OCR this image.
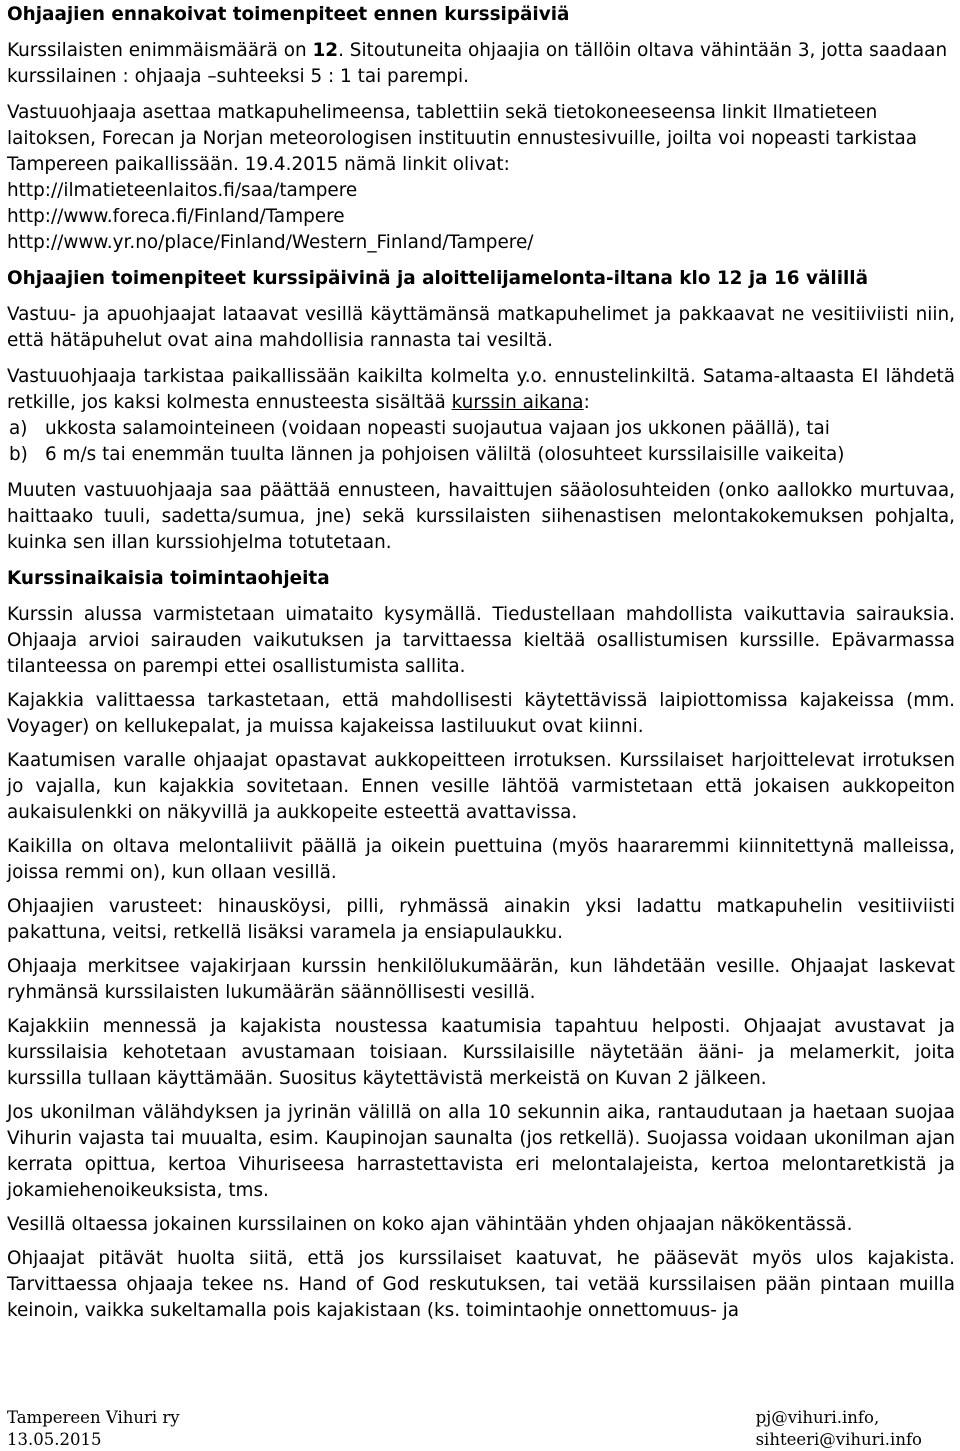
Ohjaajien ennakoivat toimenpiteet ennen kurssipäiviä

Kurssilaisten enimmäismäärä on 12. Sitoutuneita ohjaajia on tällöin oltava vähintään 3, jotta saadaan kurssilainen : ohjaaja –suhteeksi 5 : 1 tai parempi.

Vastuuohjaaja asettaa matkapuhelimeensa, tablettiin sekä tietokoneeseensa linkit Ilmatieteen laitoksen, Forecan ja Norjan meteorologisen instituutin ennustesivuille, joilta voi nopeasti tarkistaa Tampereen paikallissään. 19.4.2015 nämä linkit olivat:

http://ilmatieteenlaitos.fi/saa/tampere
http://www.foreca.fi/Finland/Tampere
http://www.yr.no/place/Finland/Western_Finland/Tampere/
Ohjaajien toimenpiteet kurssipäivinä ja aloittelijamelonta-iltana klo 12 ja 16 välillä

Vastuu- ja apuohjaajat lataavat vesillä käyttämänsä matkapuhelimet ja pakkaavat ne vesitiiviisti niin, että hätäpuhelut ovat aina mahdollisia rannasta tai vesiltä.

Vastuuohjaaja tarkistaa paikallissään kaikilta kolmelta y.o. ennustelinkiltä. Satama-altaasta EI lähdetä retkille, jos kaksi kolmesta ennusteesta sisältää kurssin aikana:

a) ukkosta salamointeineen (voidaan nopeasti suojautua vajaan jos ukkonen päällä), tai
b) 6 m/s tai enemmän tuulta lännen ja pohjoisen väliltä (olosuhteet kurssilaisille vaikeita)

Muuten vastuuohjaaja saa päättää ennusteen, havaittujen sääolosuhteiden (onko aallokko murtuvaa, haittaako tuuli, sadetta/sumua, jne) sekä kurssilaisten siihenastisen melontakokemuksen pohjalta, kuinka sen illan kurssiohjelma totutetaan.

Kurssinaikaisia toimintaohjeita

Kurssin alussa varmistetaan uimataito kysymällä. Tiedustellaan mahdollista vaikuttavia sairauksia. Ohjaaja arvioi sairauden vaikutuksen ja tarvittaessa kieltää osallistumisen kurssille. Epävarmassa tilanteessa on parempi ettei osallistumista sallita.

Kajakkia valittaessa tarkastetaan, että mahdollisesti käytettävissä laipiottomissa kajakeissa (mm. Voyager) on kellukepalat, ja muissa kajakeissa lastiluukut ovat kiinni.

Kaatumisen varalle ohjaajat opastavat aukkopeitteen irrotuksen. Kurssilaiset harjoittelevat irrotuksen jo vajalla, kun kajakkia sovitetaan. Ennen vesille lähtöä varmistetaan että jokaisen aukkopeiton aukaisulenkki on näkyvillä ja aukkopeite esteettä avattavissa.

Kaikilla on oltava melontaliivit päällä ja oikein puettuina (myös haararemmi kiinnitettynä malleissa, joissa remmi on), kun ollaan vesillä.

Ohjaajien varusteet: hinausköysi, pilli, ryhmässä ainakin yksi ladattu matkapuhelin vesitiiviisti pakattuna, veitsi, retkellä lisäksi varamela ja ensiapulaukku.

Ohjaaja merkitsee vajakirjaan kurssin henkilölukumäärän, kun lähdetään vesille. Ohjaajat laskevat ryhmänsä kurssilaisten lukumäärän säännöllisesti vesillä.

Kajakkiin mennessä ja kajakista noustessa kaatumisia tapahtuu helposti. Ohjaajat avustavat ja kurssilaisia kehotetaan avustamaan toisiaan. Kurssilaisille näytetään ääni- ja melamerkit, joita kurssilla tullaan käyttämään. Suositus käytettävistä merkeistä on Kuvan 2 jälkeen.

Jos ukonilman välähdyksen ja jyrinän välillä on alla 10 sekunnin aika, rantaudutaan ja haetaan suojaa Vihurin vajasta tai muualta, esim. Kaupinojan saunalta (jos retkellä). Suojassa voidaan ukonilman ajan kerrata opittua, kertoa Vihuriseesa harrastettavista eri melontalajeista, kertoa melontaretkistä ja jokamiehenoikeuksista, tms.

Vesillä oltaessa jokainen kurssilainen on koko ajan vähintään yhden ohjaajan näkökentässä.

Ohjaajat pitävät huolta siitä, että jos kurssilaiset kaatuvat, he pääsevät myös ulos kajakista. Tarvittaessa ohjaaja tekee ns. Hand of God reskutuksen, tai vetää kurssilaisen pään pintaan muilla keinoin, vaikka sukeltamalla pois kajakistaan (ks. toimintaohje onnettomuus- ja

Tampereen Vihuri ry
13.05.2015
pj@vihuri.info,
sihteeri@vihuri.info
